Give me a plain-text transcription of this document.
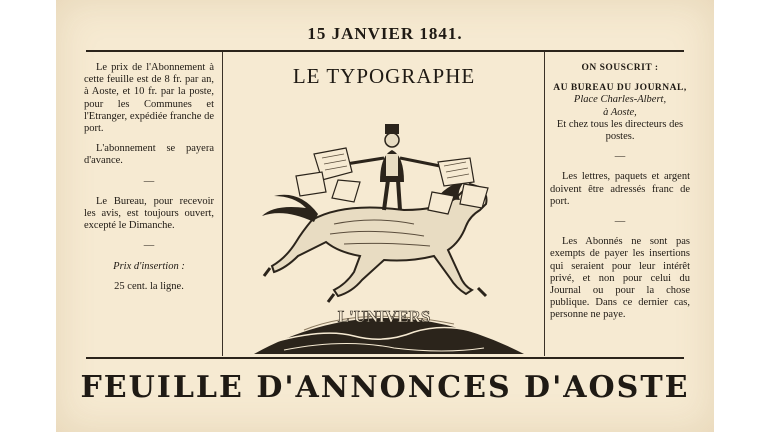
15 JANVIER 1841.

Le prix de l'Abonnement à cette feuille est de 8 fr. par an, à Aoste, et 10 fr. par la poste, pour les Communes et l'Etranger, expédiée franche de port.

L'abonnement se payera d'avance.

—

Le Bureau, pour recevoir les avis, est toujours ouvert, excepté le Dimanche.

—

Prix d'insertion :

25 cent. la ligne.

LE TYPOGRAPHE
L'UNIVERS

ON SOUSCRIT :

AU BUREAU DU JOURNAL,

Place Charles-Albert,

à Aoste,

Et chez tous les directeurs des postes.

—

Les lettres, paquets et argent doivent être adressés franc de port.

—

Les Abonnés ne sont pas exempts de payer les insertions qui seraient pour leur intérêt privé, et non pour celui du Journal ou pour la chose publique. Dans ce dernier cas, personne ne paye.

FEUILLE D'ANNONCES D'AOSTE
